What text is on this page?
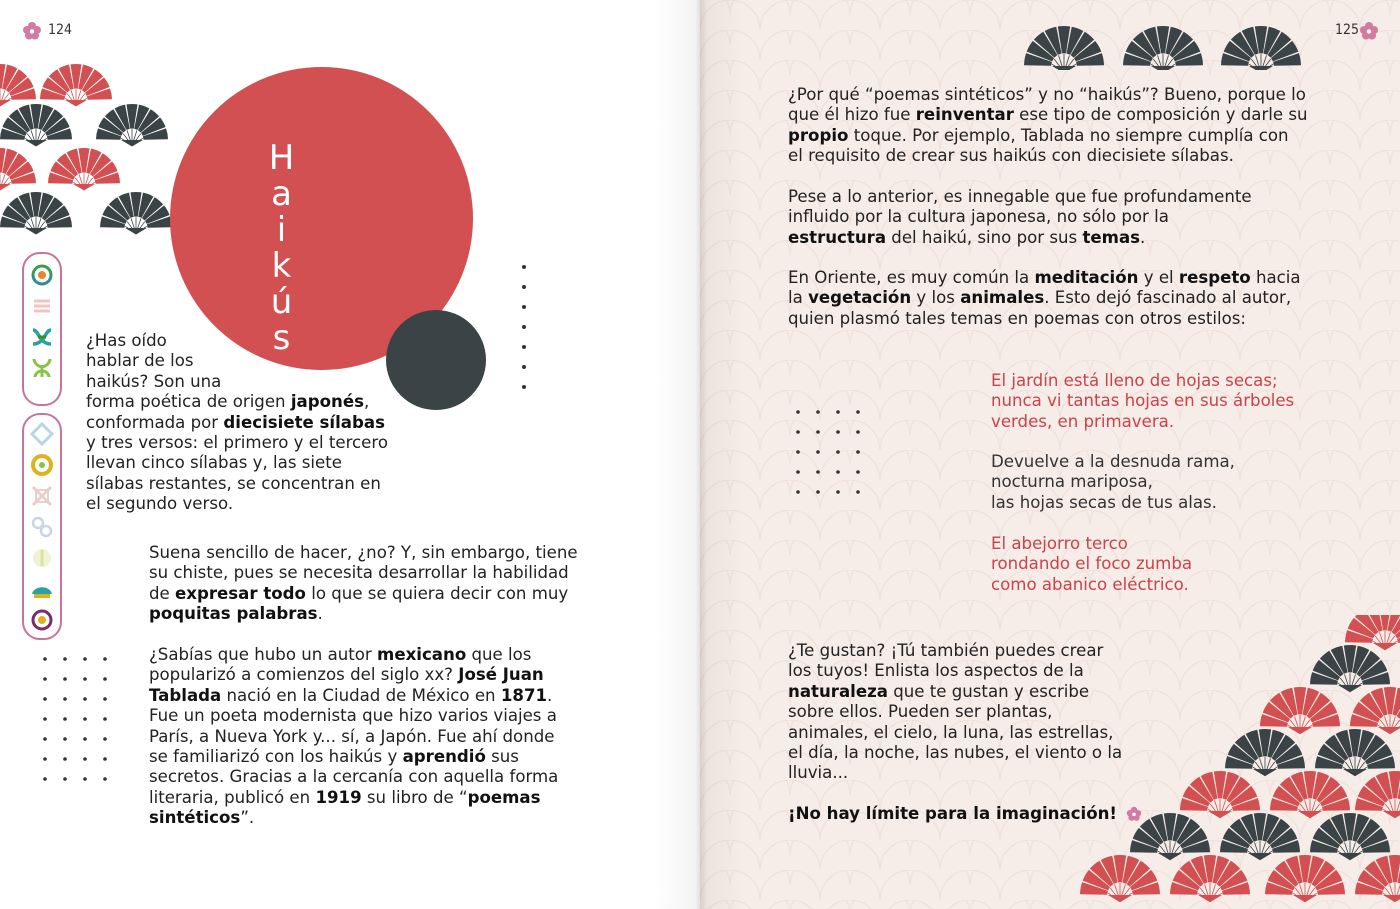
124
H
a
i
k
ú
s

¿Has oído
hablar de los
haikús? Son una
forma poética de origen japonés,
conformada por diecisiete sílabas
y tres versos: el primero y el tercero
llevan cinco sílabas y, las siete
sílabas restantes, se concentran en
el segundo verso.

Suena sencillo de hacer, ¿no? Y, sin embargo, tiene
su chiste, pues se necesita desarrollar la habilidad
de expresar todo lo que se quiera decir con muy
poquitas palabras.

¿Sabías que hubo un autor mexicano que los
popularizó a comienzos del siglo xx? José Juan
Tablada nació en la Ciudad de México en 1871.
Fue un poeta modernista que hizo varios viajes a
París, a Nueva York y... sí, a Japón. Fue ahí donde
se familiarizó con los haikús y aprendió sus
secretos. Gracias a la cercanía con aquella forma
literaria, publicó en 1919 su libro de “poemas
sintéticos”.

125

¿Por qué “poemas sintéticos” y no “haikús”? Bueno, porque lo
que él hizo fue reinventar ese tipo de composición y darle su
propio toque. Por ejemplo, Tablada no siempre cumplía con
el requisito de crear sus haikús con diecisiete sílabas.

Pese a lo anterior, es innegable que fue profundamente
influido por la cultura japonesa, no sólo por la
estructura del haikú, sino por sus temas.

En Oriente, es muy común la meditación y el respeto hacia
la vegetación y los animales. Esto dejó fascinado al autor,
quien plasmó tales temas en poemas con otros estilos:

¿Te gustan? ¡Tú también puedes crear
los tuyos! Enlista los aspectos de la
naturaleza que te gustan y escribe
sobre ellos. Pueden ser plantas,
animales, el cielo, la luna, las estrellas,
el día, la noche, las nubes, el viento o la
lluvia...

¡No hay límite para la imaginación!
El jardín está lleno de hojas secas;
nunca vi tantas hojas en sus árboles
verdes, en primavera.
Devuelve a la desnuda rama,
nocturna mariposa,
las hojas secas de tus alas.
El abejorro terco
rondando el foco zumba
como abanico eléctrico.
